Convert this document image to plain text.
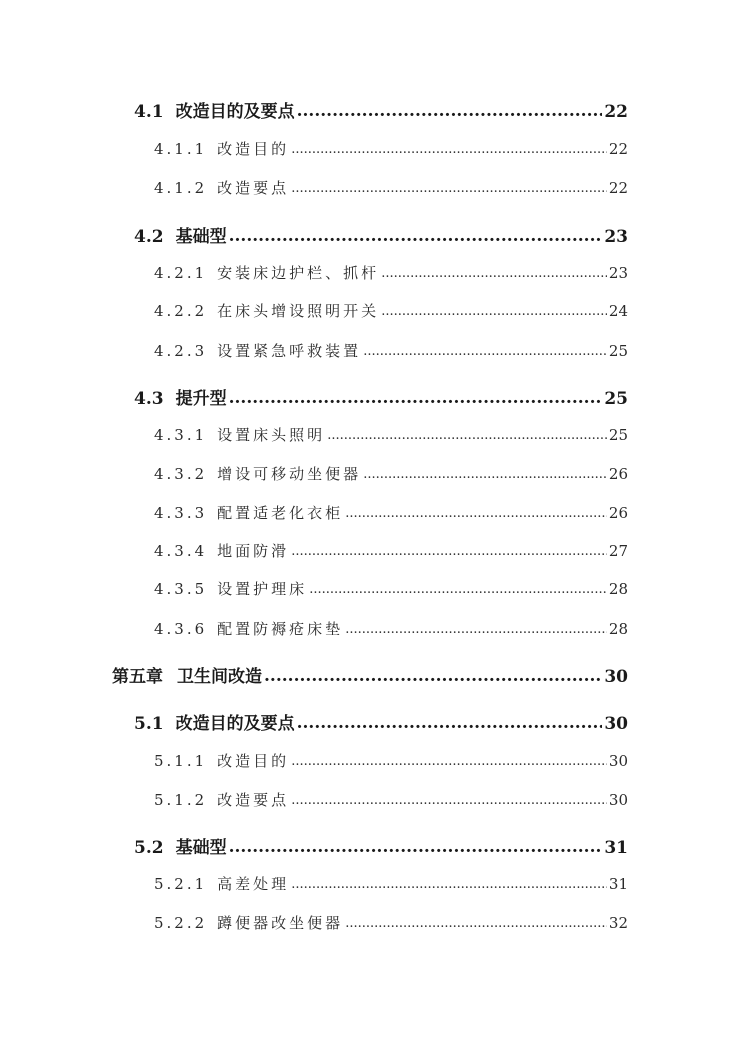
4.1 改造目的及要点 .....	22
4.1.1 改造目的 .....	22
4.1.2 改造要点 .....	22
4.2 基础型 .....	23
4.2.1 安装床边护栏、抓杆 .....	23
4.2.2 在床头增设照明开关 .....	24
4.2.3 设置紧急呼救装置 .....	25
4.3 提升型 .....	25
4.3.1 设置床头照明 .....	25
4.3.2 增设可移动坐便器 .....	26
4.3.3 配置适老化衣柜 .....	26
4.3.4 地面防滑 .....	27
4.3.5 设置护理床 .....	28
4.3.6 配置防褥疮床垫 .....	28
第五章 卫生间改造 .....	30
5.1 改造目的及要点 .....	30
5.1.1 改造目的 .....	30
5.1.2 改造要点 .....	30
5.2 基础型 .....	31
5.2.1 高差处理 .....	31
5.2.2 蹲便器改坐便器 .....	32
